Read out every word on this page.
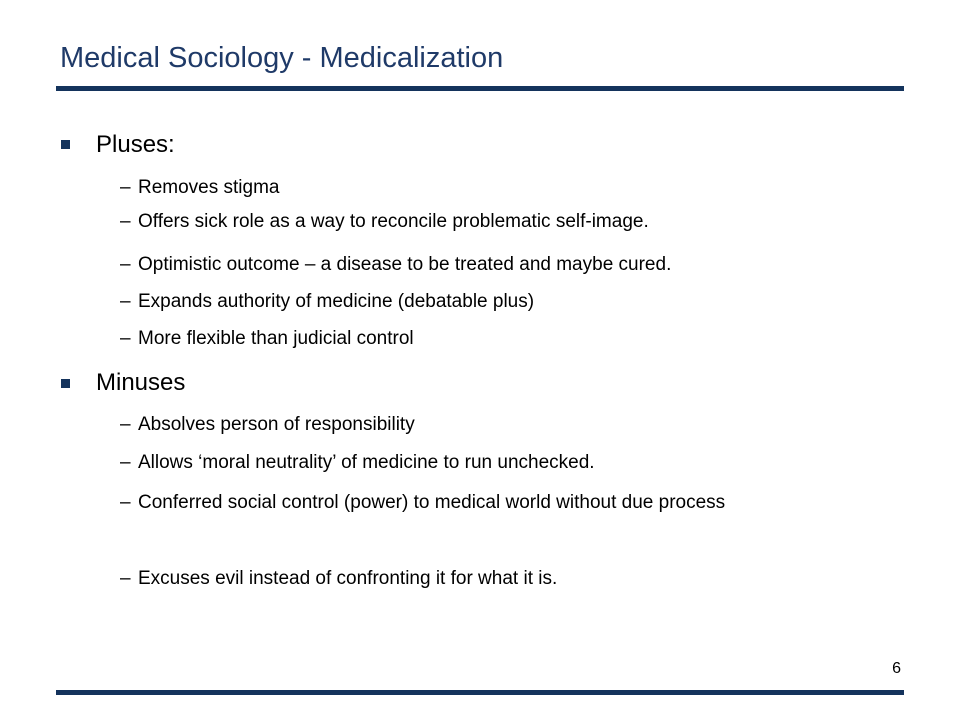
Medical Sociology - Medicalization
Pluses:
– Removes stigma
– Offers sick role as a way to reconcile problematic self-image.
– Optimistic outcome – a disease to be treated and maybe cured.
– Expands authority of medicine (debatable plus)
– More flexible than judicial control
Minuses
– Absolves person of responsibility
– Allows ‘moral neutrality’ of medicine to run unchecked.
– Conferred social control (power) to medical world without due process
– Excuses evil instead of confronting it for what it is.
6
